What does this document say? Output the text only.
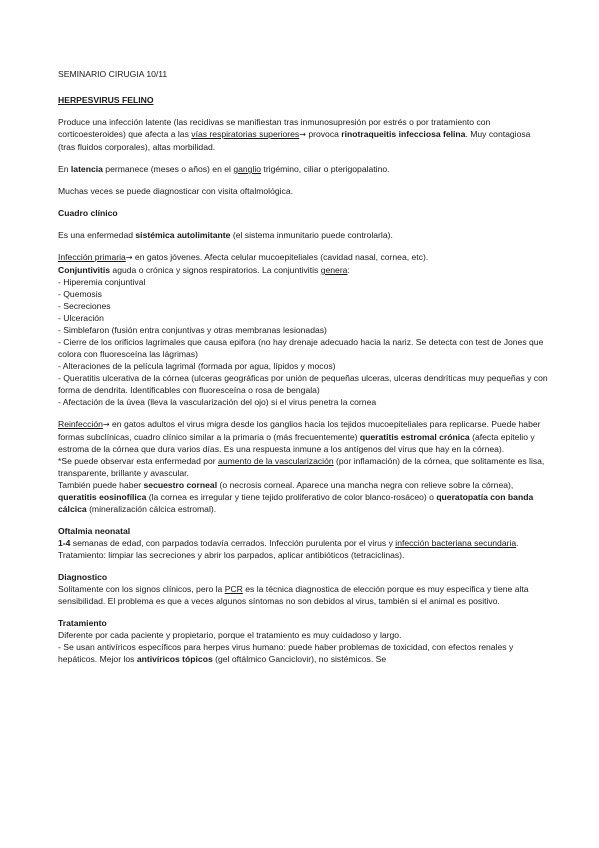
SEMINARIO CIRUGIA 10/11

HERPESVIRUS FELINO

Produce una infección latente (las recidivas se manifiestan tras inmunosupresión por estrés o por tratamiento con corticoesteroides) que afecta a las vías respiratorias superiores→ provoca rinotraqueitis infecciosa felina. Muy contagiosa (tras fluidos corporales), altas morbilidad.

En latencia permanece (meses o años) en el ganglio trigémino, ciliar o pterigopalatino.

Muchas veces se puede diagnosticar con visita oftalmológica.

Cuadro clínico

Es una enfermedad sistémica autolimitante (el sistema inmunitario puede controlarla).

Infección primaria→ en gatos jóvenes. Afecta celular mucoepiteliales (cavidad nasal, cornea, etc).
Conjuntivitis aguda o crónica y signos respiratorios. La conjuntivitis genera:

- Hiperemia conjuntival

- Quemosis

- Secreciones

- Ulceración

- Simblefaron (fusión entra conjuntivas y otras membranas lesionadas)

- Cierre de los orificios lagrimales que causa epifora (no hay drenaje adecuado hacia la nariz. Se detecta con test de Jones que colora con fluoresceína las lágrimas)

- Alteraciones de la película lagrimal (formada por agua, lípidos y mocos)

- Queratitis ulcerativa de la córnea (ulceras geográficas por unión de pequeñas ulceras, ulceras dendríticas muy pequeñas y con forma de dendrita. Identificables con fluoresceína o rosa de bengala)

- Afectación de la úvea (lleva la vascularización del ojo) si el virus penetra la cornea

Reinfección→ en gatos adultos el virus migra desde los ganglios hacia los tejidos mucoepiteliales para replicarse. Puede haber formas subclínicas, cuadro clínico similar a la primaria o (más frecuentemente) queratitis estromal crónica (afecta epitelio y estroma de la córnea que dura varios días. Es una respuesta inmune a los antígenos del virus que hay en la córnea).

*Se puede observar esta enfermedad por aumento de la vascularización (por inflamación) de la córnea, que solitamente es lisa, transparente, brillante y avascular.

También puede haber secuestro corneal (o necrosis corneal. Aparece una mancha negra con relieve sobre la córnea), queratitis eosinofílica (la cornea es irregular y tiene tejido proliferativo de color blanco-rosáceo) o queratopatía con banda cálcica (mineralización cálcica estromal).

Oftalmia neonatal

1-4 semanas de edad, con parpados todavía cerrados. Infección purulenta por el virus y infección bacteriana secundaria. Tratamiento: limpiar las secreciones y abrir los parpados, aplicar antibióticos (tetraciclinas).

Diagnostico

Solitamente con los signos clínicos, pero la PCR es la técnica diagnostica de elección porque es muy especifica y tiene alta sensibilidad. El problema es que a veces algunos síntomas no son debidos al virus, también si el animal es positivo.

Tratamiento

Diferente por cada paciente y propietario, porque el tratamiento es muy cuidadoso y largo.

- Se usan antivíricos específicos para herpes virus humano: puede haber problemas de toxicidad, con efectos renales y hepáticos. Mejor los antivíricos tópicos (gel oftálmico Ganciclovir), no sistémicos. Se
